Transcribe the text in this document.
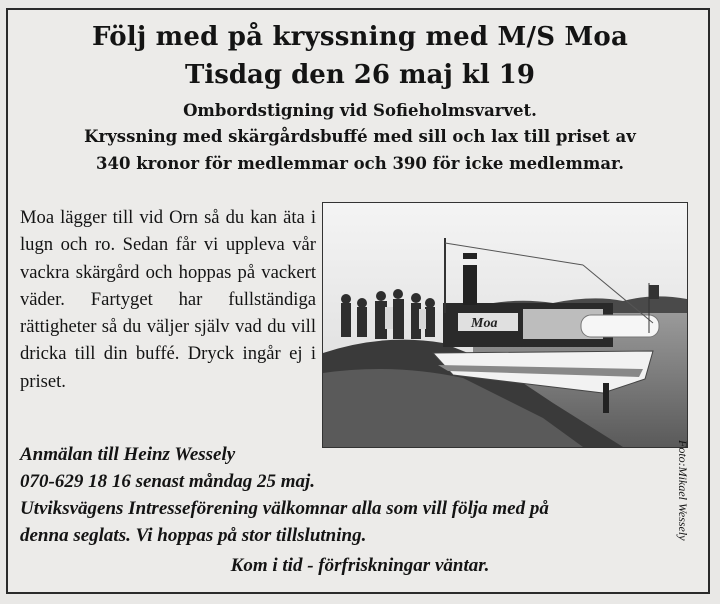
Följ med på kryssning med M/S Moa
Tisdag den 26 maj kl 19
Ombordstigning vid Sofieholmsvarvet.
Kryssning med skärgårdsbuffé med sill och lax till priset av
340 kronor för medlemmar och 390 för icke medlemmar.
Moa lägger till vid Orn så du kan äta i lugn och ro. Sedan får vi uppleva vår vackra skärgård och hoppas på vackert väder. Fartyget har fullständiga rättigheter så du väljer själv vad du vill dricka till din buffé. Dryck ingår ej i priset.
Moa
Foto:Mikael Wessely
Anmälan till Heinz Wessely
070-629 18 16 senast måndag 25 maj.
Utviksvägens Intresseförening välkomnar alla som vill följa med på
denna seglats. Vi hoppas på stor tillslutning.
Kom i tid - förfriskningar väntar.
